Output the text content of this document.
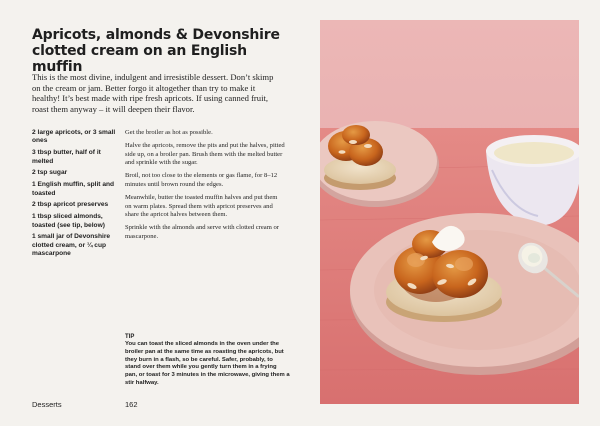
Apricots, almonds & Devonshire clotted cream on an English muffin

This is the most divine, indulgent and irresistible dessert. Don’t skimp on the cream or jam. Better forgo it altogether than try to make it healthy! It’s best made with ripe fresh apricots. If using canned fruit, roast them anyway – it will deepen their flavor.

2 large apricots, or 3 small ones
3 tbsp butter, half of it melted
2 tsp sugar
1 English muffin, split and toasted
2 tbsp apricot preserves
1 tbsp sliced almonds, toasted (see tip, below)
1 small jar of Devonshire clotted cream, or ¼ cup mascarpone

Get the broiler as hot as possible.

Halve the apricots, remove the pits and put the halves, pitted side up, on a broiler pan. Brush them with the melted butter and sprinkle with the sugar.

Broil, not too close to the elements or gas flame, for 8–12 minutes until brown round the edges.

Meanwhile, butter the toasted muffin halves and put them on warm plates. Spread them with apricot preserves and share the apricot halves between them.

Sprinkle with the almonds and serve with clotted cream or mascarpone.

TIP
You can toast the sliced almonds in the oven under the broiler pan at the same time as roasting the apricots, but they burn in a flash, so be careful. Safer, probably, to stand over them while you gently turn them in a frying pan, or toast for 3 minutes in the microwave, giving them a stir halfway.
Desserts	162
